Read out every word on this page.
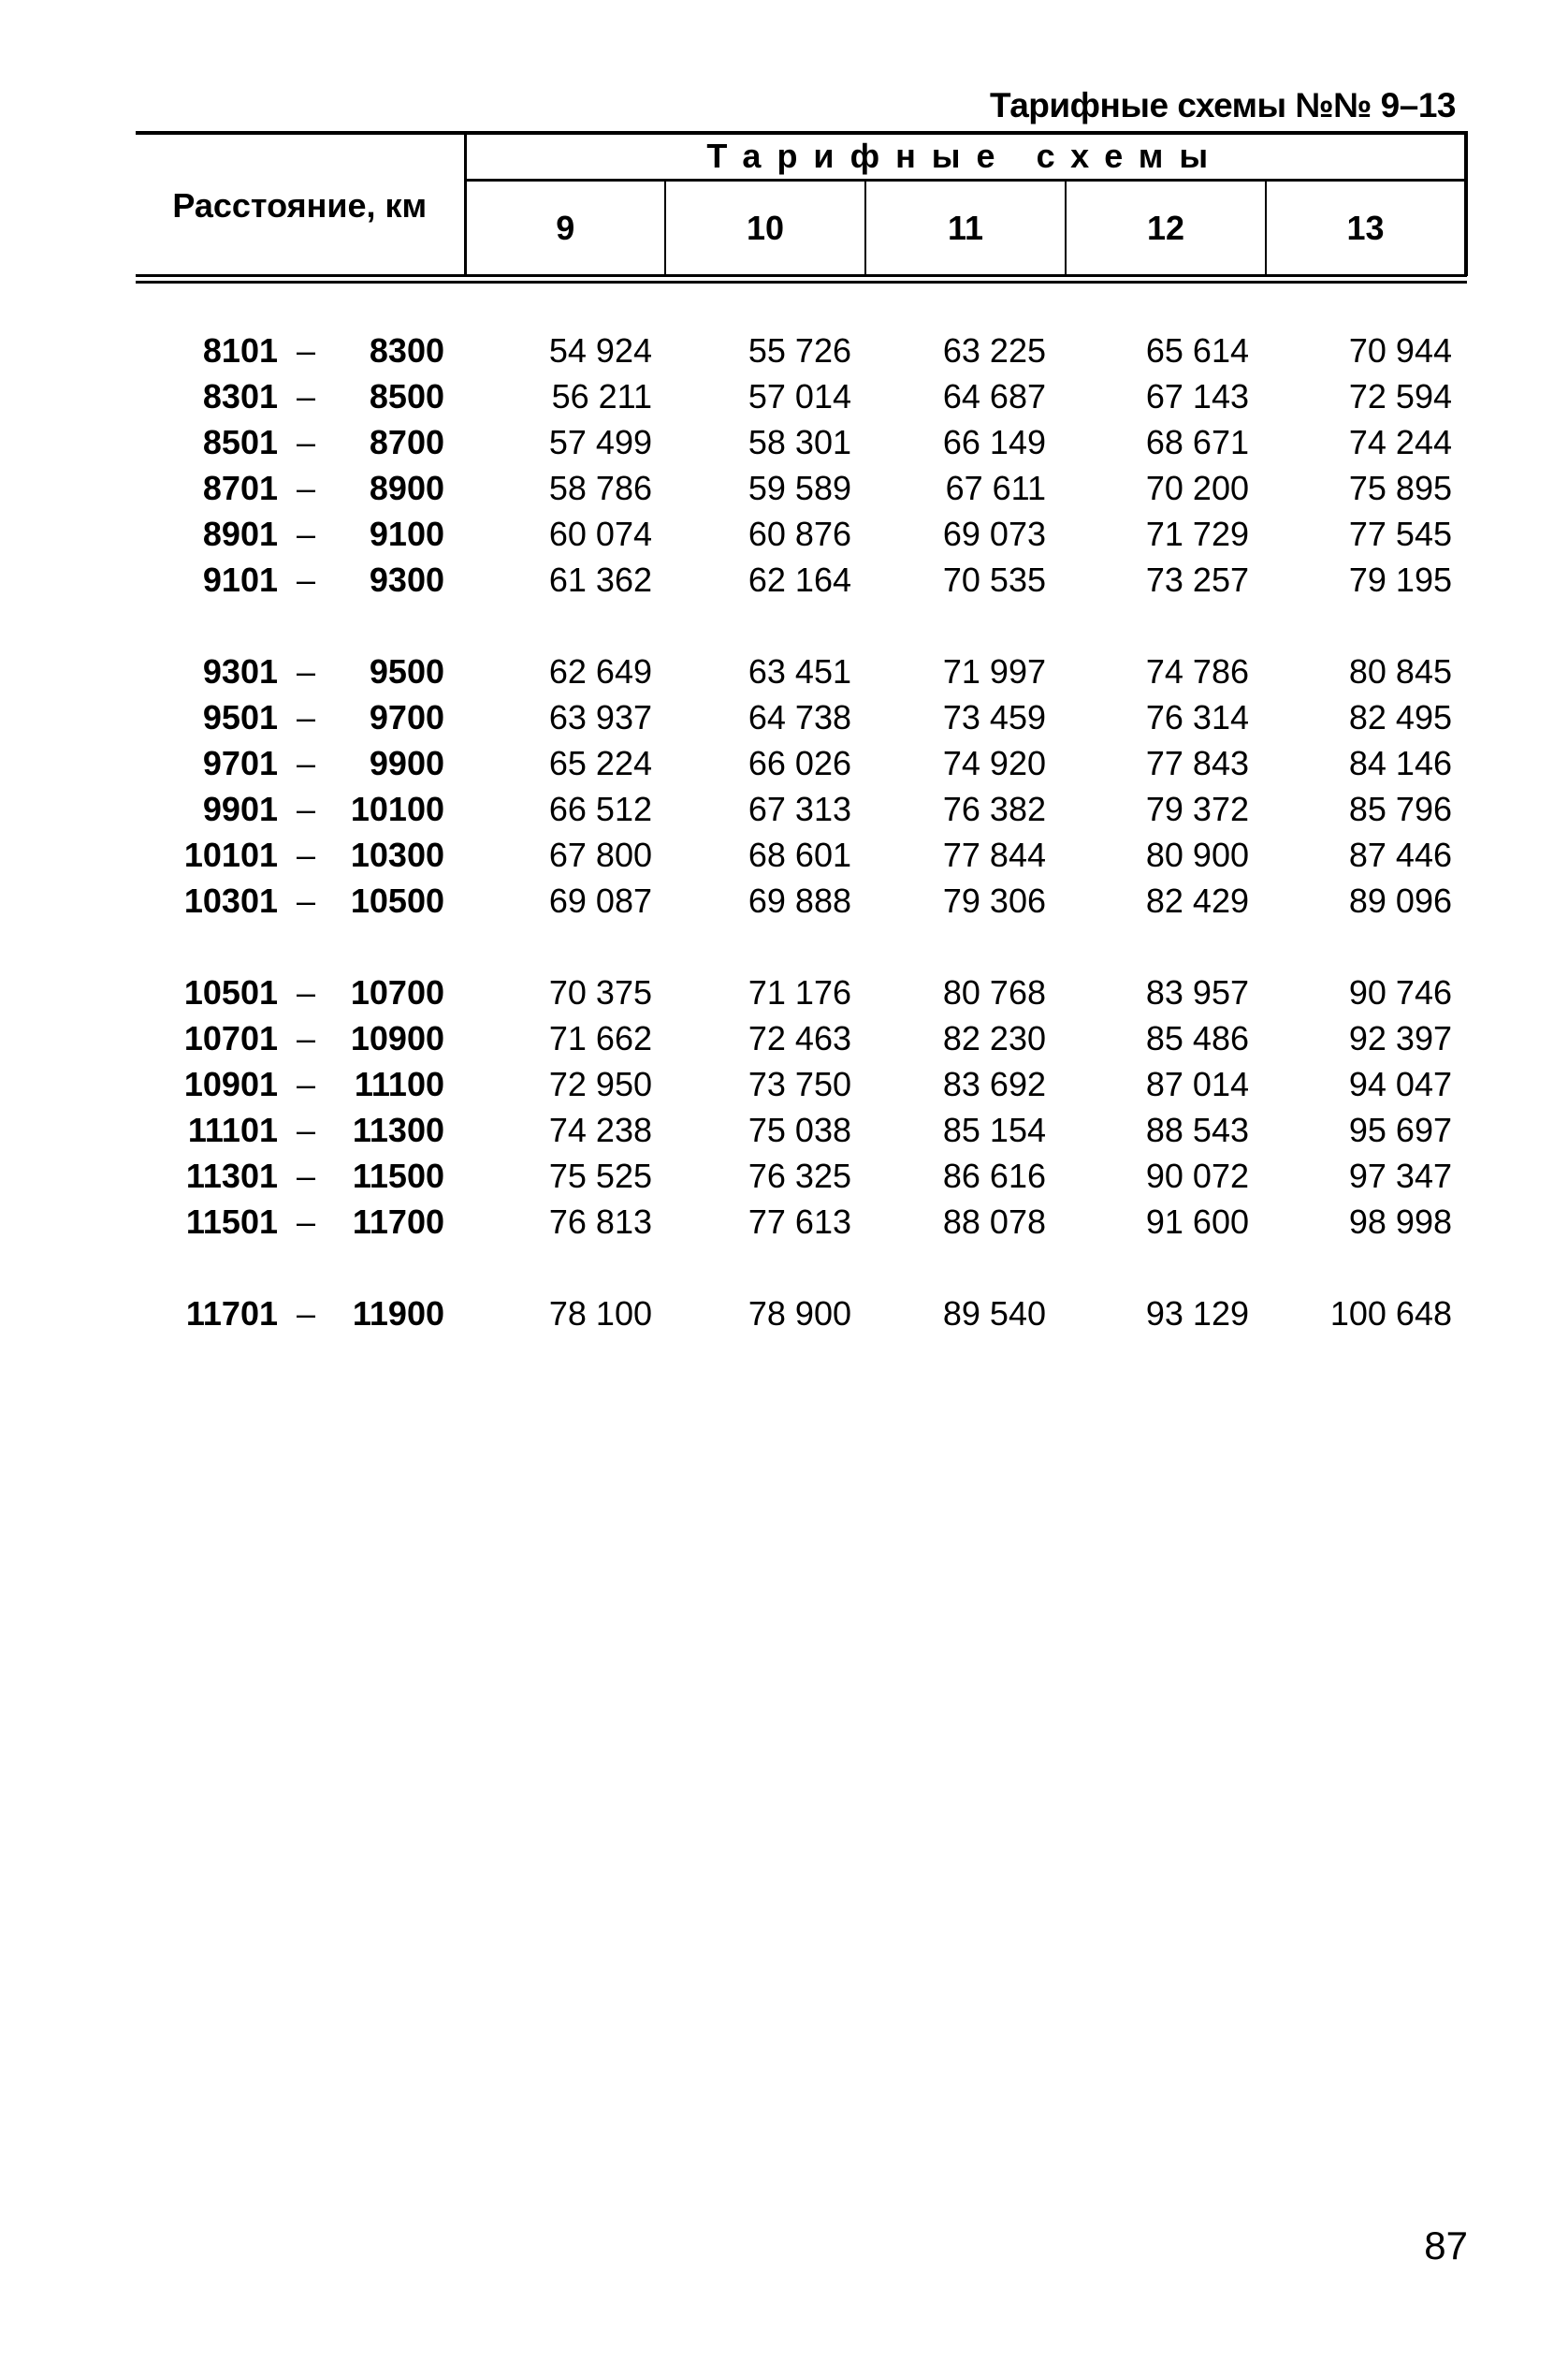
Тарифные схемы №№ 9–13
Расстояние, км	Тарифные схемы				
	9	10	11	12	13
8101 –	8300	54 924	55 726	63 225	65 614	70 944
8301 –	8500	56 211	57 014	64 687	67 143	72 594
8501 –	8700	57 499	58 301	66 149	68 671	74 244
8701 –	8900	58 786	59 589	67 611	70 200	75 895
8901 –	9100	60 074	60 876	69 073	71 729	77 545
9101 –	9300	61 362	62 164	70 535	73 257	79 195
9301 –	9500	62 649	63 451	71 997	74 786	80 845
9501 –	9700	63 937	64 738	73 459	76 314	82 495
9701 –	9900	65 224	66 026	74 920	77 843	84 146
9901 –	10100	66 512	67 313	76 382	79 372	85 796
10101 –	10300	67 800	68 601	77 844	80 900	87 446
10301 –	10500	69 087	69 888	79 306	82 429	89 096
10501 –	10700	70 375	71 176	80 768	83 957	90 746
10701 –	10900	71 662	72 463	82 230	85 486	92 397
10901 –	11100	72 950	73 750	83 692	87 014	94 047
11101 –	11300	74 238	75 038	85 154	88 543	95 697
11301 –	11500	75 525	76 325	86 616	90 072	97 347
11501 –	11700	76 813	77 613	88 078	91 600	98 998
11701 –	11900	78 100	78 900	89 540	93 129	100 648
87
